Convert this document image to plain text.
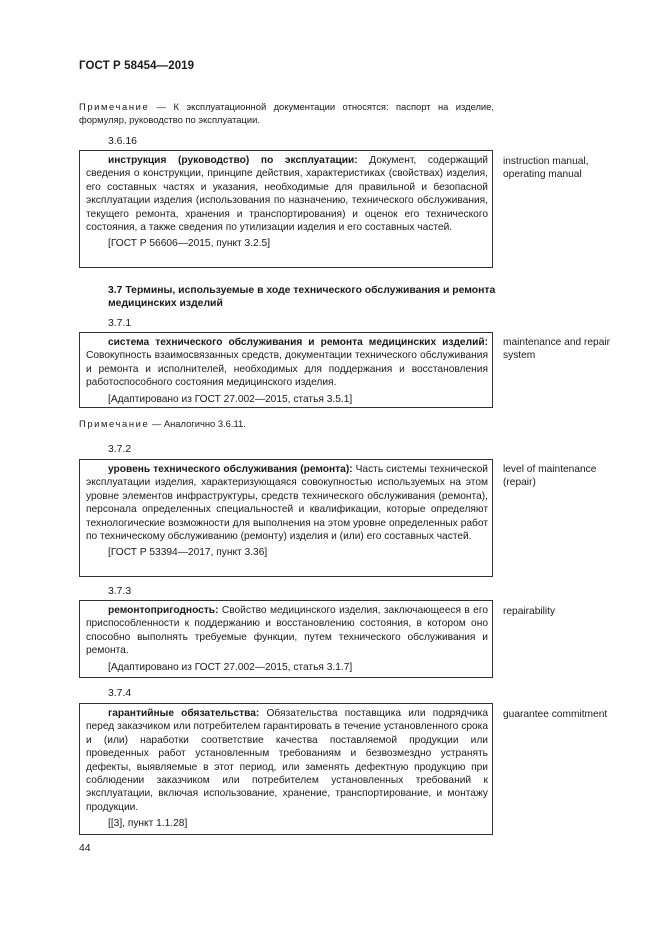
ГОСТ Р 58454—2019
Примечание — К эксплуатационной документации относятся: паспорт на изделие, формуляр, руководство по эксплуатации.
3.6.16

инструкция (руководство) по эксплуатации: Документ, содержащий сведения о конструкции, принципе действия, характеристиках (свойствах) изделия, его составных частях и указания, необходимые для правильной и безопасной эксплуатации изделия (использования по назначению, технического обслуживания, текущего ремонта, хранения и транспортирования) и оценок его технического состояния, а также сведения по утилизации изделия и его составных частей.

[ГОСТ Р 56606—2015, пункт 3.2.5]
instruction manual, operating manual
3.7 Термины, используемые в ходе технического обслуживания и ремонта медицинских изделий
3.7.1

система технического обслуживания и ремонта медицинских изделий: Совокупность взаимосвязанных средств, документации технического обслуживания и ремонта и исполнителей, необходимых для поддержания и восстановления работоспособного состояния медицинского изделия.

[Адаптировано из ГОСТ 27.002—2015, статья 3.5.1]
maintenance and repair system
Примечание — Аналогично 3.6.11.
3.7.2

уровень технического обслуживания (ремонта): Часть системы технической эксплуатации изделия, характеризующаяся совокупностью используемых на этом уровне элементов инфраструктуры, средств технического обслуживания (ремонта), персонала определенных специальностей и квалификации, которые определяют технологические возможности для выполнения на этом уровне определенных работ по техническому обслуживанию (ремонту) изделия и (или) его составных частей.

[ГОСТ Р 53394—2017, пункт 3.36]
level of maintenance (repair)
3.7.3

ремонтопригодность: Свойство медицинского изделия, заключающееся в его приспособленности к поддержанию и восстановлению состояния, в котором оно способно выполнять требуемые функции, путем технического обслуживания и ремонта.

[Адаптировано из ГОСТ 27.002—2015, статья 3.1.7]
repairability
3.7.4

гарантийные обязательства: Обязательства поставщика или подрядчика перед заказчиком или потребителем гарантировать в течение установленного срока и (или) наработки соответствие качества поставляемой продукции или проведенных работ установленным требованиям и безвозмездно устранять дефекты, выявляемые в этот период, или заменять дефектную продукцию при соблюдении заказчиком или потребителем установленных требований к эксплуатации, включая использование, хранение, транспортирование, и монтажу продукции.

[[3], пункт 1.1.28]
guarantee commitment
44
